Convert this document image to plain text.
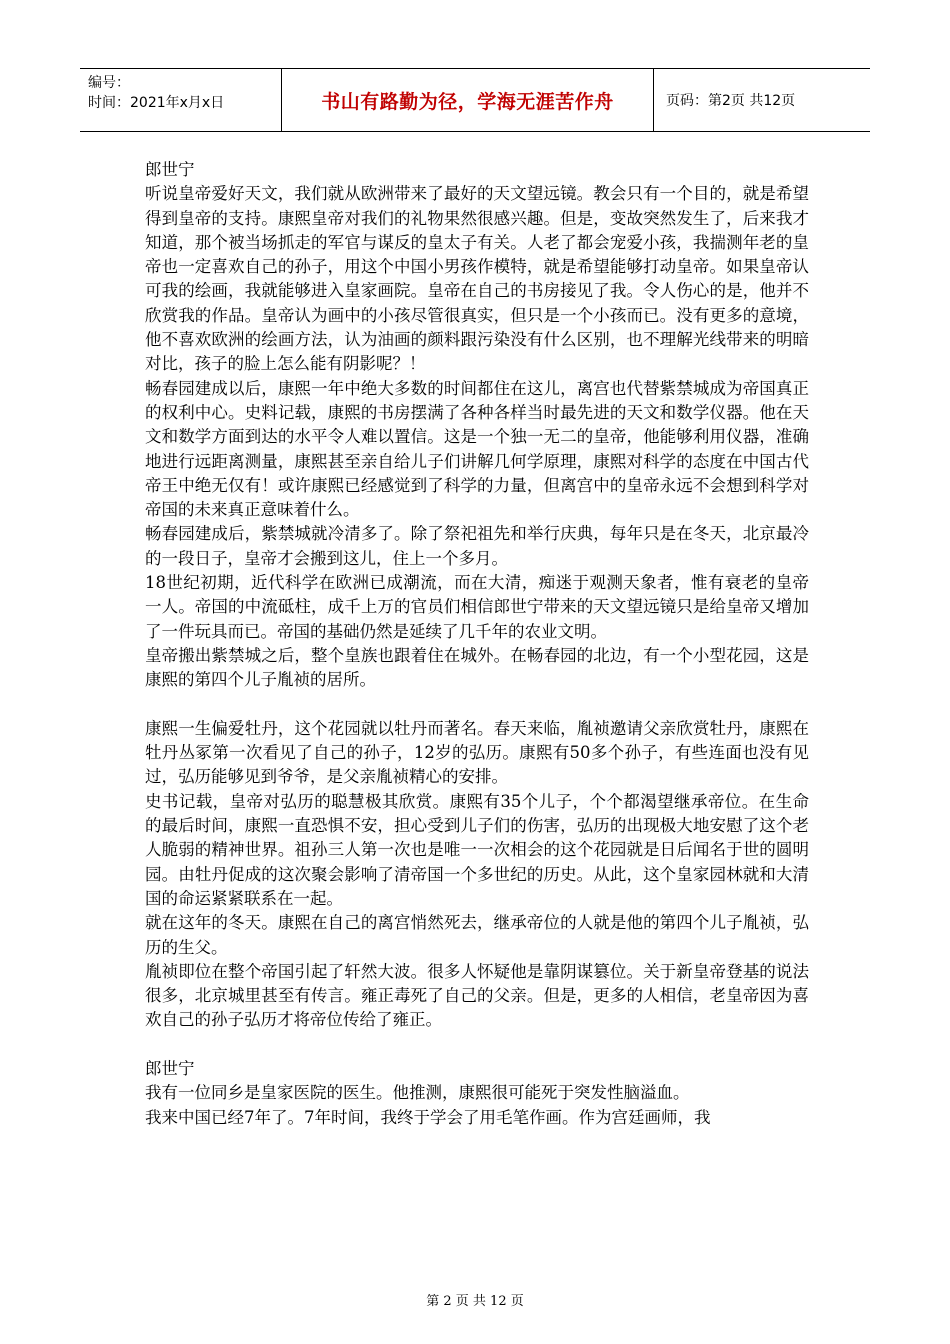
编号：
时间：2021年x月x日	书山有路勤为径，学海无涯苦作舟	页码：第2页 共12页

郎世宁

听说皇帝爱好天文，我们就从欧洲带来了最好的天文望远镜。教会只有一个目的，就是希望得到皇帝的支持。康熙皇帝对我们的礼物果然很感兴趣。但是，变故突然发生了，后来我才知道，那个被当场抓走的军官与谋反的皇太子有关。人老了都会宠爱小孩，我揣测年老的皇帝也一定喜欢自己的孙子，用这个中国小男孩作模特，就是希望能够打动皇帝。如果皇帝认可我的绘画，我就能够进入皇家画院。皇帝在自己的书房接见了我。令人伤心的是，他并不欣赏我的作品。皇帝认为画中的小孩尽管很真实，但只是一个小孩而已。没有更多的意境，他不喜欢欧洲的绘画方法，认为油画的颜料跟污染没有什么区别，也不理解光线带来的明暗对比，孩子的脸上怎么能有阴影呢？！

畅春园建成以后，康熙一年中绝大多数的时间都住在这儿，离宫也代替紫禁城成为帝国真正的权利中心。史料记载，康熙的书房摆满了各种各样当时最先进的天文和数学仪器。他在天文和数学方面到达的水平令人难以置信。这是一个独一无二的皇帝，他能够利用仪器，准确地进行远距离测量，康熙甚至亲自给儿子们讲解几何学原理，康熙对科学的态度在中国古代帝王中绝无仅有！或许康熙已经感觉到了科学的力量，但离宫中的皇帝永远不会想到科学对帝国的未来真正意味着什么。

畅春园建成后，紫禁城就冷清多了。除了祭祀祖先和举行庆典，每年只是在冬天，北京最冷的一段日子，皇帝才会搬到这儿，住上一个多月。

18世纪初期，近代科学在欧洲已成潮流，而在大清，痴迷于观测天象者，惟有衰老的皇帝一人。帝国的中流砥柱，成千上万的官员们相信郎世宁带来的天文望远镜只是给皇帝又增加了一件玩具而已。帝国的基础仍然是延续了几千年的农业文明。

皇帝搬出紫禁城之后，整个皇族也跟着住在城外。在畅春园的北边，有一个小型花园，这是康熙的第四个儿子胤祯的居所。

康熙一生偏爱牡丹，这个花园就以牡丹而著名。春天来临，胤祯邀请父亲欣赏牡丹，康熙在牡丹丛冢第一次看见了自己的孙子，12岁的弘历。康熙有50多个孙子，有些连面也没有见过，弘历能够见到爷爷，是父亲胤祯精心的安排。

史书记载，皇帝对弘历的聪慧极其欣赏。康熙有35个儿子，个个都渴望继承帝位。在生命的最后时间，康熙一直恐惧不安，担心受到儿子们的伤害，弘历的出现极大地安慰了这个老人脆弱的精神世界。祖孙三人第一次也是唯一一次相会的这个花园就是日后闻名于世的圆明园。由牡丹促成的这次聚会影响了清帝国一个多世纪的历史。从此，这个皇家园林就和大清国的命运紧紧联系在一起。

就在这年的冬天。康熙在自己的离宫悄然死去，继承帝位的人就是他的第四个儿子胤祯，弘历的生父。

胤祯即位在整个帝国引起了轩然大波。很多人怀疑他是靠阴谋篡位。关于新皇帝登基的说法很多，北京城里甚至有传言。雍正毒死了自己的父亲。但是，更多的人相信，老皇帝因为喜欢自己的孙子弘历才将帝位传给了雍正。

郎世宁

我有一位同乡是皇家医院的医生。他推测，康熙很可能死于突发性脑溢血。

我来中国已经7年了。7年时间，我终于学会了用毛笔作画。作为宫廷画师，我

第 2 页 共 12 页
